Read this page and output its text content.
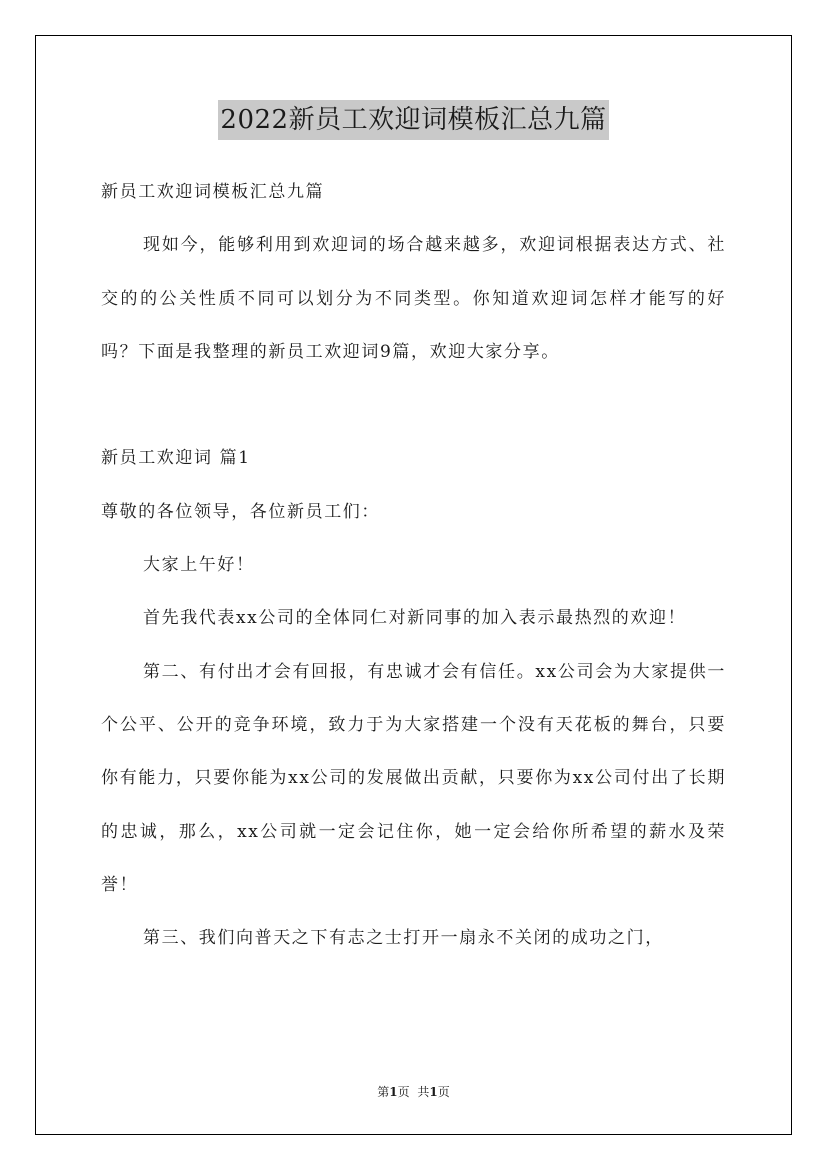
2022新员工欢迎词模板汇总九篇

新员工欢迎词模板汇总九篇

现如今，能够利用到欢迎词的场合越来越多，欢迎词根据表达方式、社交的的公关性质不同可以划分为不同类型。你知道欢迎词怎样才能写的好吗？下面是我整理的新员工欢迎词9篇，欢迎大家分享。

新员工欢迎词 篇1

尊敬的各位领导，各位新员工们：

大家上午好！

首先我代表xx公司的全体同仁对新同事的加入表示最热烈的欢迎！

第二、有付出才会有回报，有忠诚才会有信任。xx公司会为大家提供一个公平、公开的竞争环境，致力于为大家搭建一个没有天花板的舞台，只要你有能力，只要你能为xx公司的发展做出贡献，只要你为xx公司付出了长期的忠诚，那么，xx公司就一定会记住你，她一定会给你所希望的薪水及荣誉！

第三、我们向普天之下有志之士打开一扇永不关闭的成功之门，

第1页 共1页
